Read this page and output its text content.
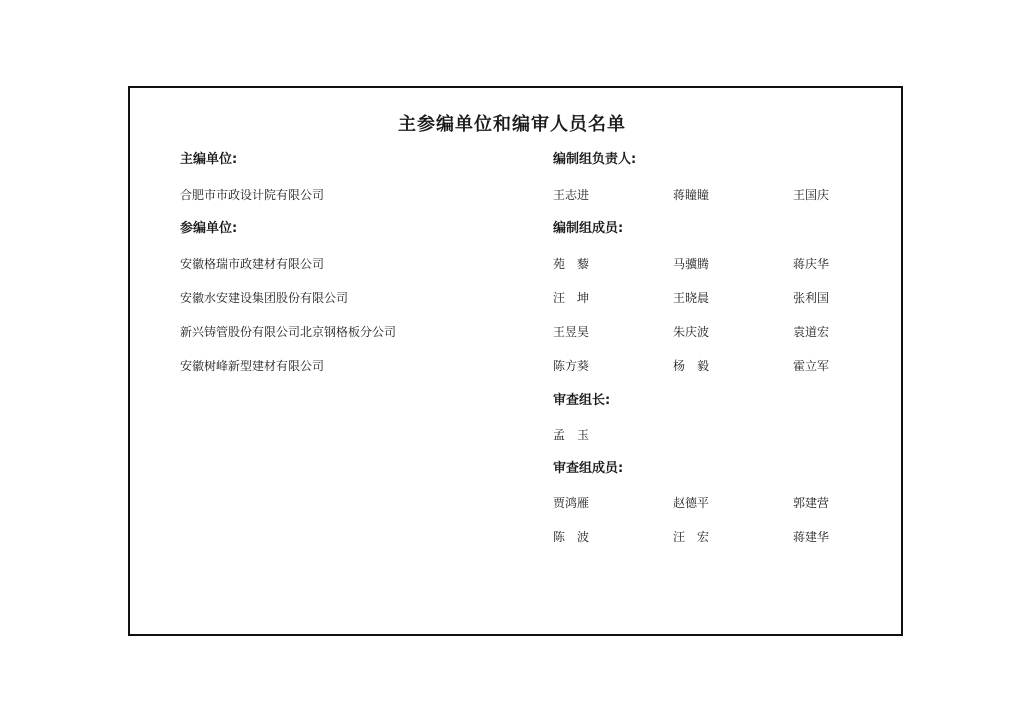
主参编单位和编审人员名单
主编单位:
合肥市市政设计院有限公司
参编单位:
安徽格瑞市政建材有限公司
安徽水安建设集团股份有限公司
新兴铸管股份有限公司北京钢格板分公司
安徽树峰新型建材有限公司
编制组负责人:
王志进	蒋瞳瞳	王国庆
编制组成员:
苑　藜	马骥腾	蒋庆华
汪　坤	王晓晨	张利国
王昱昊	朱庆波	袁道宏
陈方葵	杨　毅	霍立军
审查组长:
孟　玉
审查组成员:
贾鸿雁	赵德平	郭建营
陈　波	汪　宏	蒋建华
